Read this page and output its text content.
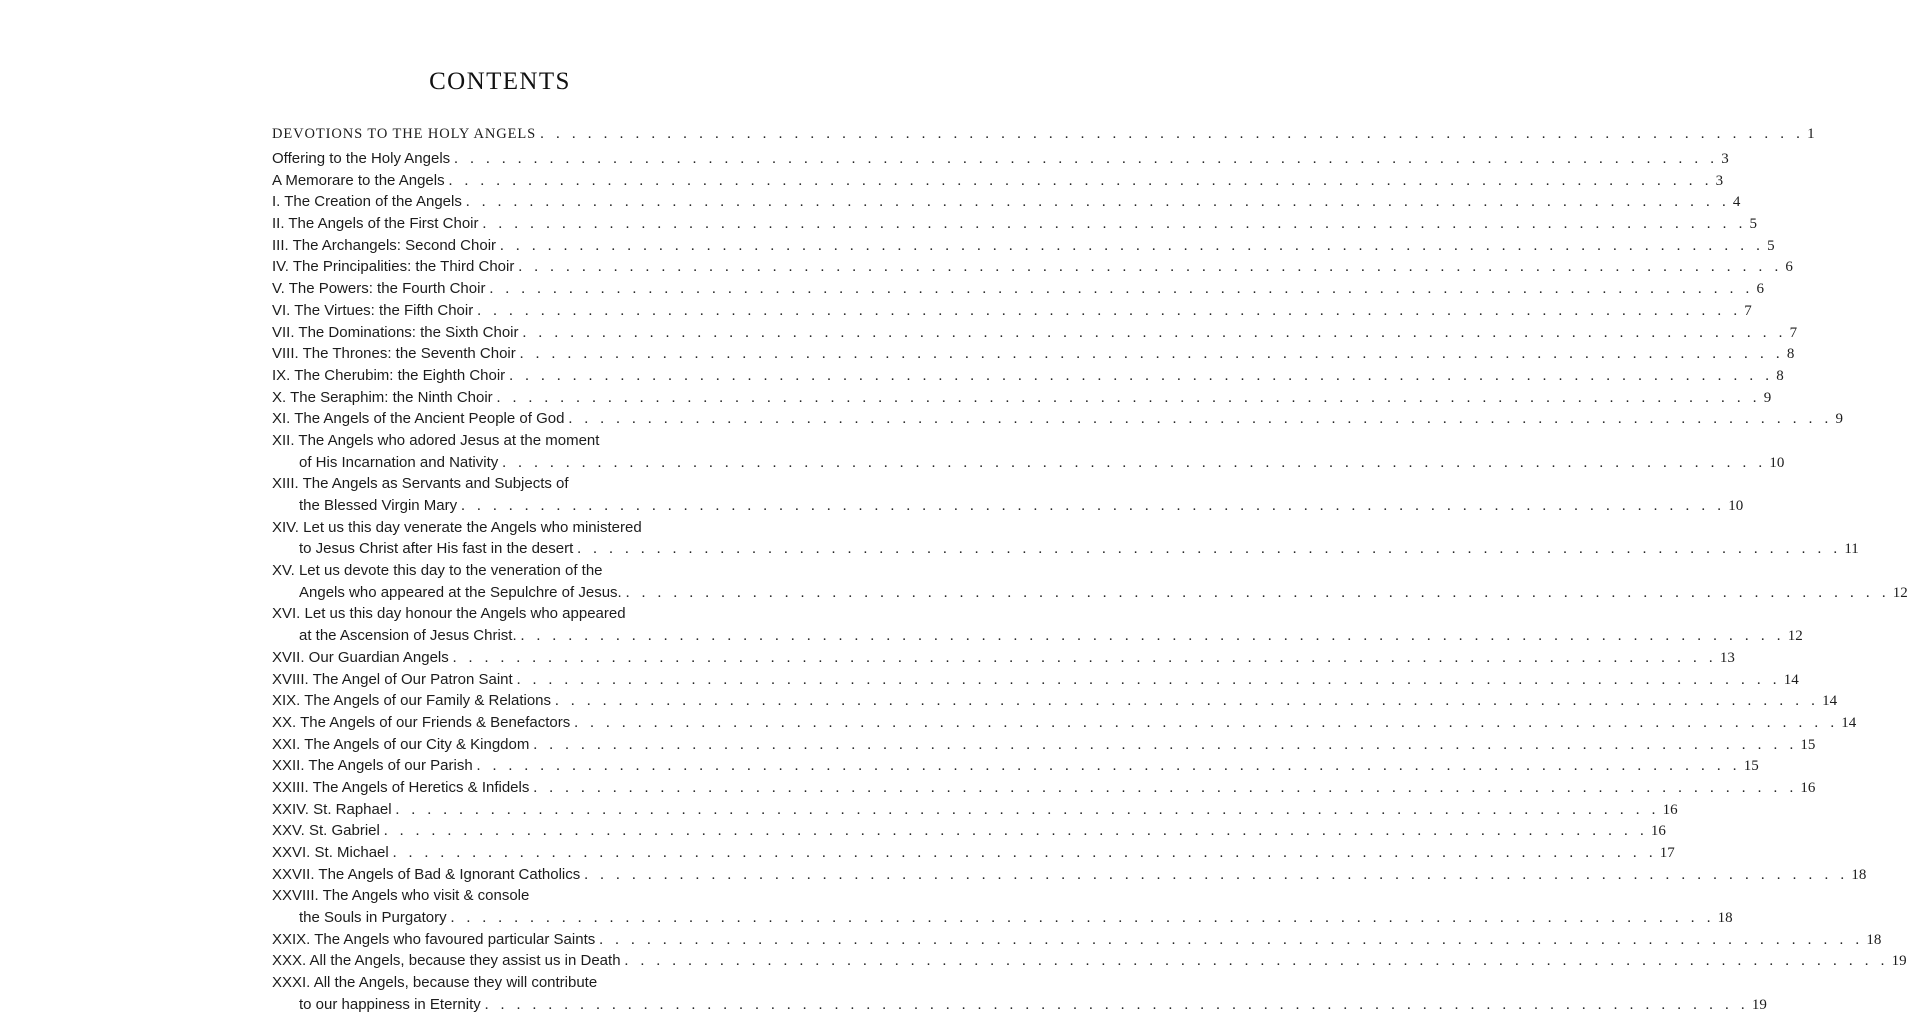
CONTENTS
DEVOTIONS TO THE HOLY ANGELS . . . . . . . . . . . . . . . . . . . . . . . . . . . . . . . . . . . . . . . . . . . . . . . . . . . . . . . . . . . . . . . . . . . . . . . . . . . . . . . . 1
Offering to the Holy Angels . . . . . . . . . . . . . . . . . . . . . . . . . . . . . . . . . . . . . . . . . . . . . . . . . . . . . . . . . . . . . . . . . . . . . . . . . . . . . . . . 3
A Memorare to the Angels . . . . . . . . . . . . . . . . . . . . . . . . . . . . . . . . . . . . . . . . . . . . . . . . . . . . . . . . . . . . . . . . . . . . . . . . . . . . . . . . 3
I. The Creation of the Angels . . . . . . . . . . . . . . . . . . . . . . . . . . . . . . . . . . . . . . . . . . . . . . . . . . . . . . . . . . . . . . . . . . . . . . . . . . . . . . . . 4
II. The Angels of the First Choir . . . . . . . . . . . . . . . . . . . . . . . . . . . . . . . . . . . . . . . . . . . . . . . . . . . . . . . . . . . . . . . . . . . . . . . . . . . . . . . . 5
III. The Archangels: Second Choir . . . . . . . . . . . . . . . . . . . . . . . . . . . . . . . . . . . . . . . . . . . . . . . . . . . . . . . . . . . . . . . . . . . . . . . . . . . . . . . . 5
IV. The Principalities: the Third Choir . . . . . . . . . . . . . . . . . . . . . . . . . . . . . . . . . . . . . . . . . . . . . . . . . . . . . . . . . . . . . . . . . . . . . . . . . . . . . . . . 6
V. The Powers: the Fourth Choir . . . . . . . . . . . . . . . . . . . . . . . . . . . . . . . . . . . . . . . . . . . . . . . . . . . . . . . . . . . . . . . . . . . . . . . . . . . . . . . . 6
VI. The Virtues: the Fifth Choir . . . . . . . . . . . . . . . . . . . . . . . . . . . . . . . . . . . . . . . . . . . . . . . . . . . . . . . . . . . . . . . . . . . . . . . . . . . . . . . . 7
VII. The Dominations: the Sixth Choir . . . . . . . . . . . . . . . . . . . . . . . . . . . . . . . . . . . . . . . . . . . . . . . . . . . . . . . . . . . . . . . . . . . . . . . . . . . . . . . . 7
VIII. The Thrones: the Seventh Choir . . . . . . . . . . . . . . . . . . . . . . . . . . . . . . . . . . . . . . . . . . . . . . . . . . . . . . . . . . . . . . . . . . . . . . . . . . . . . . . . 8
IX. The Cherubim: the Eighth Choir . . . . . . . . . . . . . . . . . . . . . . . . . . . . . . . . . . . . . . . . . . . . . . . . . . . . . . . . . . . . . . . . . . . . . . . . . . . . . . . . 8
X. The Seraphim: the Ninth Choir . . . . . . . . . . . . . . . . . . . . . . . . . . . . . . . . . . . . . . . . . . . . . . . . . . . . . . . . . . . . . . . . . . . . . . . . . . . . . . . . 9
XI. The Angels of the Ancient People of God . . . . . . . . . . . . . . . . . . . . . . . . . . . . . . . . . . . . . . . . . . . . . . . . . . . . . . . . . . . . . . . . . . . . . . . . . . . . . . . . 9
XII. The Angels who adored Jesus at the moment
of His Incarnation and Nativity . . . . . . . . . . . . . . . . . . . . . . . . . . . . . . . . . . . . . . . . . . . . . . . . . . . . . . . . . . . . . . . . . . . . . . . . . . . . . . . . 10
XIII. The Angels as Servants and Subjects of
the Blessed Virgin Mary . . . . . . . . . . . . . . . . . . . . . . . . . . . . . . . . . . . . . . . . . . . . . . . . . . . . . . . . . . . . . . . . . . . . . . . . . . . . . . . . 10
XIV. Let us this day venerate the Angels who ministered
to Jesus Christ after His fast in the desert . . . . . . . . . . . . . . . . . . . . . . . . . . . . . . . . . . . . . . . . . . . . . . . . . . . . . . . . . . . . . . . . . . . . . . . . . . . . . . . . 11
XV. Let us devote this day to the veneration of the
Angels who appeared at the Sepulchre of Jesus. . . . . . . . . . . . . . . . . . . . . . . . . . . . . . . . . . . . . . . . . . . . . . . . . . . . . . . . . . . . . . . . . . . . . . . . . . . . . . . . . 12
XVI. Let us this day honour the Angels who appeared
at the Ascension of Jesus Christ. . . . . . . . . . . . . . . . . . . . . . . . . . . . . . . . . . . . . . . . . . . . . . . . . . . . . . . . . . . . . . . . . . . . . . . . . . . . . . . . . 12
XVII. Our Guardian Angels . . . . . . . . . . . . . . . . . . . . . . . . . . . . . . . . . . . . . . . . . . . . . . . . . . . . . . . . . . . . . . . . . . . . . . . . . . . . . . . . 13
XVIII. The Angel of Our Patron Saint . . . . . . . . . . . . . . . . . . . . . . . . . . . . . . . . . . . . . . . . . . . . . . . . . . . . . . . . . . . . . . . . . . . . . . . . . . . . . . . . 14
XIX. The Angels of our Family & Relations . . . . . . . . . . . . . . . . . . . . . . . . . . . . . . . . . . . . . . . . . . . . . . . . . . . . . . . . . . . . . . . . . . . . . . . . . . . . . . . . 14
XX. The Angels of our Friends & Benefactors . . . . . . . . . . . . . . . . . . . . . . . . . . . . . . . . . . . . . . . . . . . . . . . . . . . . . . . . . . . . . . . . . . . . . . . . . . . . . . . . 14
XXI. The Angels of our City & Kingdom . . . . . . . . . . . . . . . . . . . . . . . . . . . . . . . . . . . . . . . . . . . . . . . . . . . . . . . . . . . . . . . . . . . . . . . . . . . . . . . . 15
XXII. The Angels of our Parish . . . . . . . . . . . . . . . . . . . . . . . . . . . . . . . . . . . . . . . . . . . . . . . . . . . . . . . . . . . . . . . . . . . . . . . . . . . . . . . . 15
XXIII. The Angels of Heretics & Infidels . . . . . . . . . . . . . . . . . . . . . . . . . . . . . . . . . . . . . . . . . . . . . . . . . . . . . . . . . . . . . . . . . . . . . . . . . . . . . . . . 16
XXIV. St. Raphael . . . . . . . . . . . . . . . . . . . . . . . . . . . . . . . . . . . . . . . . . . . . . . . . . . . . . . . . . . . . . . . . . . . . . . . . . . . . . . . . 16
XXV. St. Gabriel . . . . . . . . . . . . . . . . . . . . . . . . . . . . . . . . . . . . . . . . . . . . . . . . . . . . . . . . . . . . . . . . . . . . . . . . . . . . . . . . 16
XXVI. St. Michael . . . . . . . . . . . . . . . . . . . . . . . . . . . . . . . . . . . . . . . . . . . . . . . . . . . . . . . . . . . . . . . . . . . . . . . . . . . . . . . . 17
XXVII. The Angels of Bad & Ignorant Catholics . . . . . . . . . . . . . . . . . . . . . . . . . . . . . . . . . . . . . . . . . . . . . . . . . . . . . . . . . . . . . . . . . . . . . . . . . . . . . . . . 18
XXVIII. The Angels who visit & console
the Souls in Purgatory . . . . . . . . . . . . . . . . . . . . . . . . . . . . . . . . . . . . . . . . . . . . . . . . . . . . . . . . . . . . . . . . . . . . . . . . . . . . . . . . 18
XXIX. The Angels who favoured particular Saints . . . . . . . . . . . . . . . . . . . . . . . . . . . . . . . . . . . . . . . . . . . . . . . . . . . . . . . . . . . . . . . . . . . . . . . . . . . . . . . . 18
XXX. All the Angels, because they assist us in Death . . . . . . . . . . . . . . . . . . . . . . . . . . . . . . . . . . . . . . . . . . . . . . . . . . . . . . . . . . . . . . . . . . . . . . . . . . . . . . . . 19
XXXI. All the Angels, because they will contribute
to our happiness in Eternity . . . . . . . . . . . . . . . . . . . . . . . . . . . . . . . . . . . . . . . . . . . . . . . . . . . . . . . . . . . . . . . . . . . . . . . . . . . . . . . . 19
